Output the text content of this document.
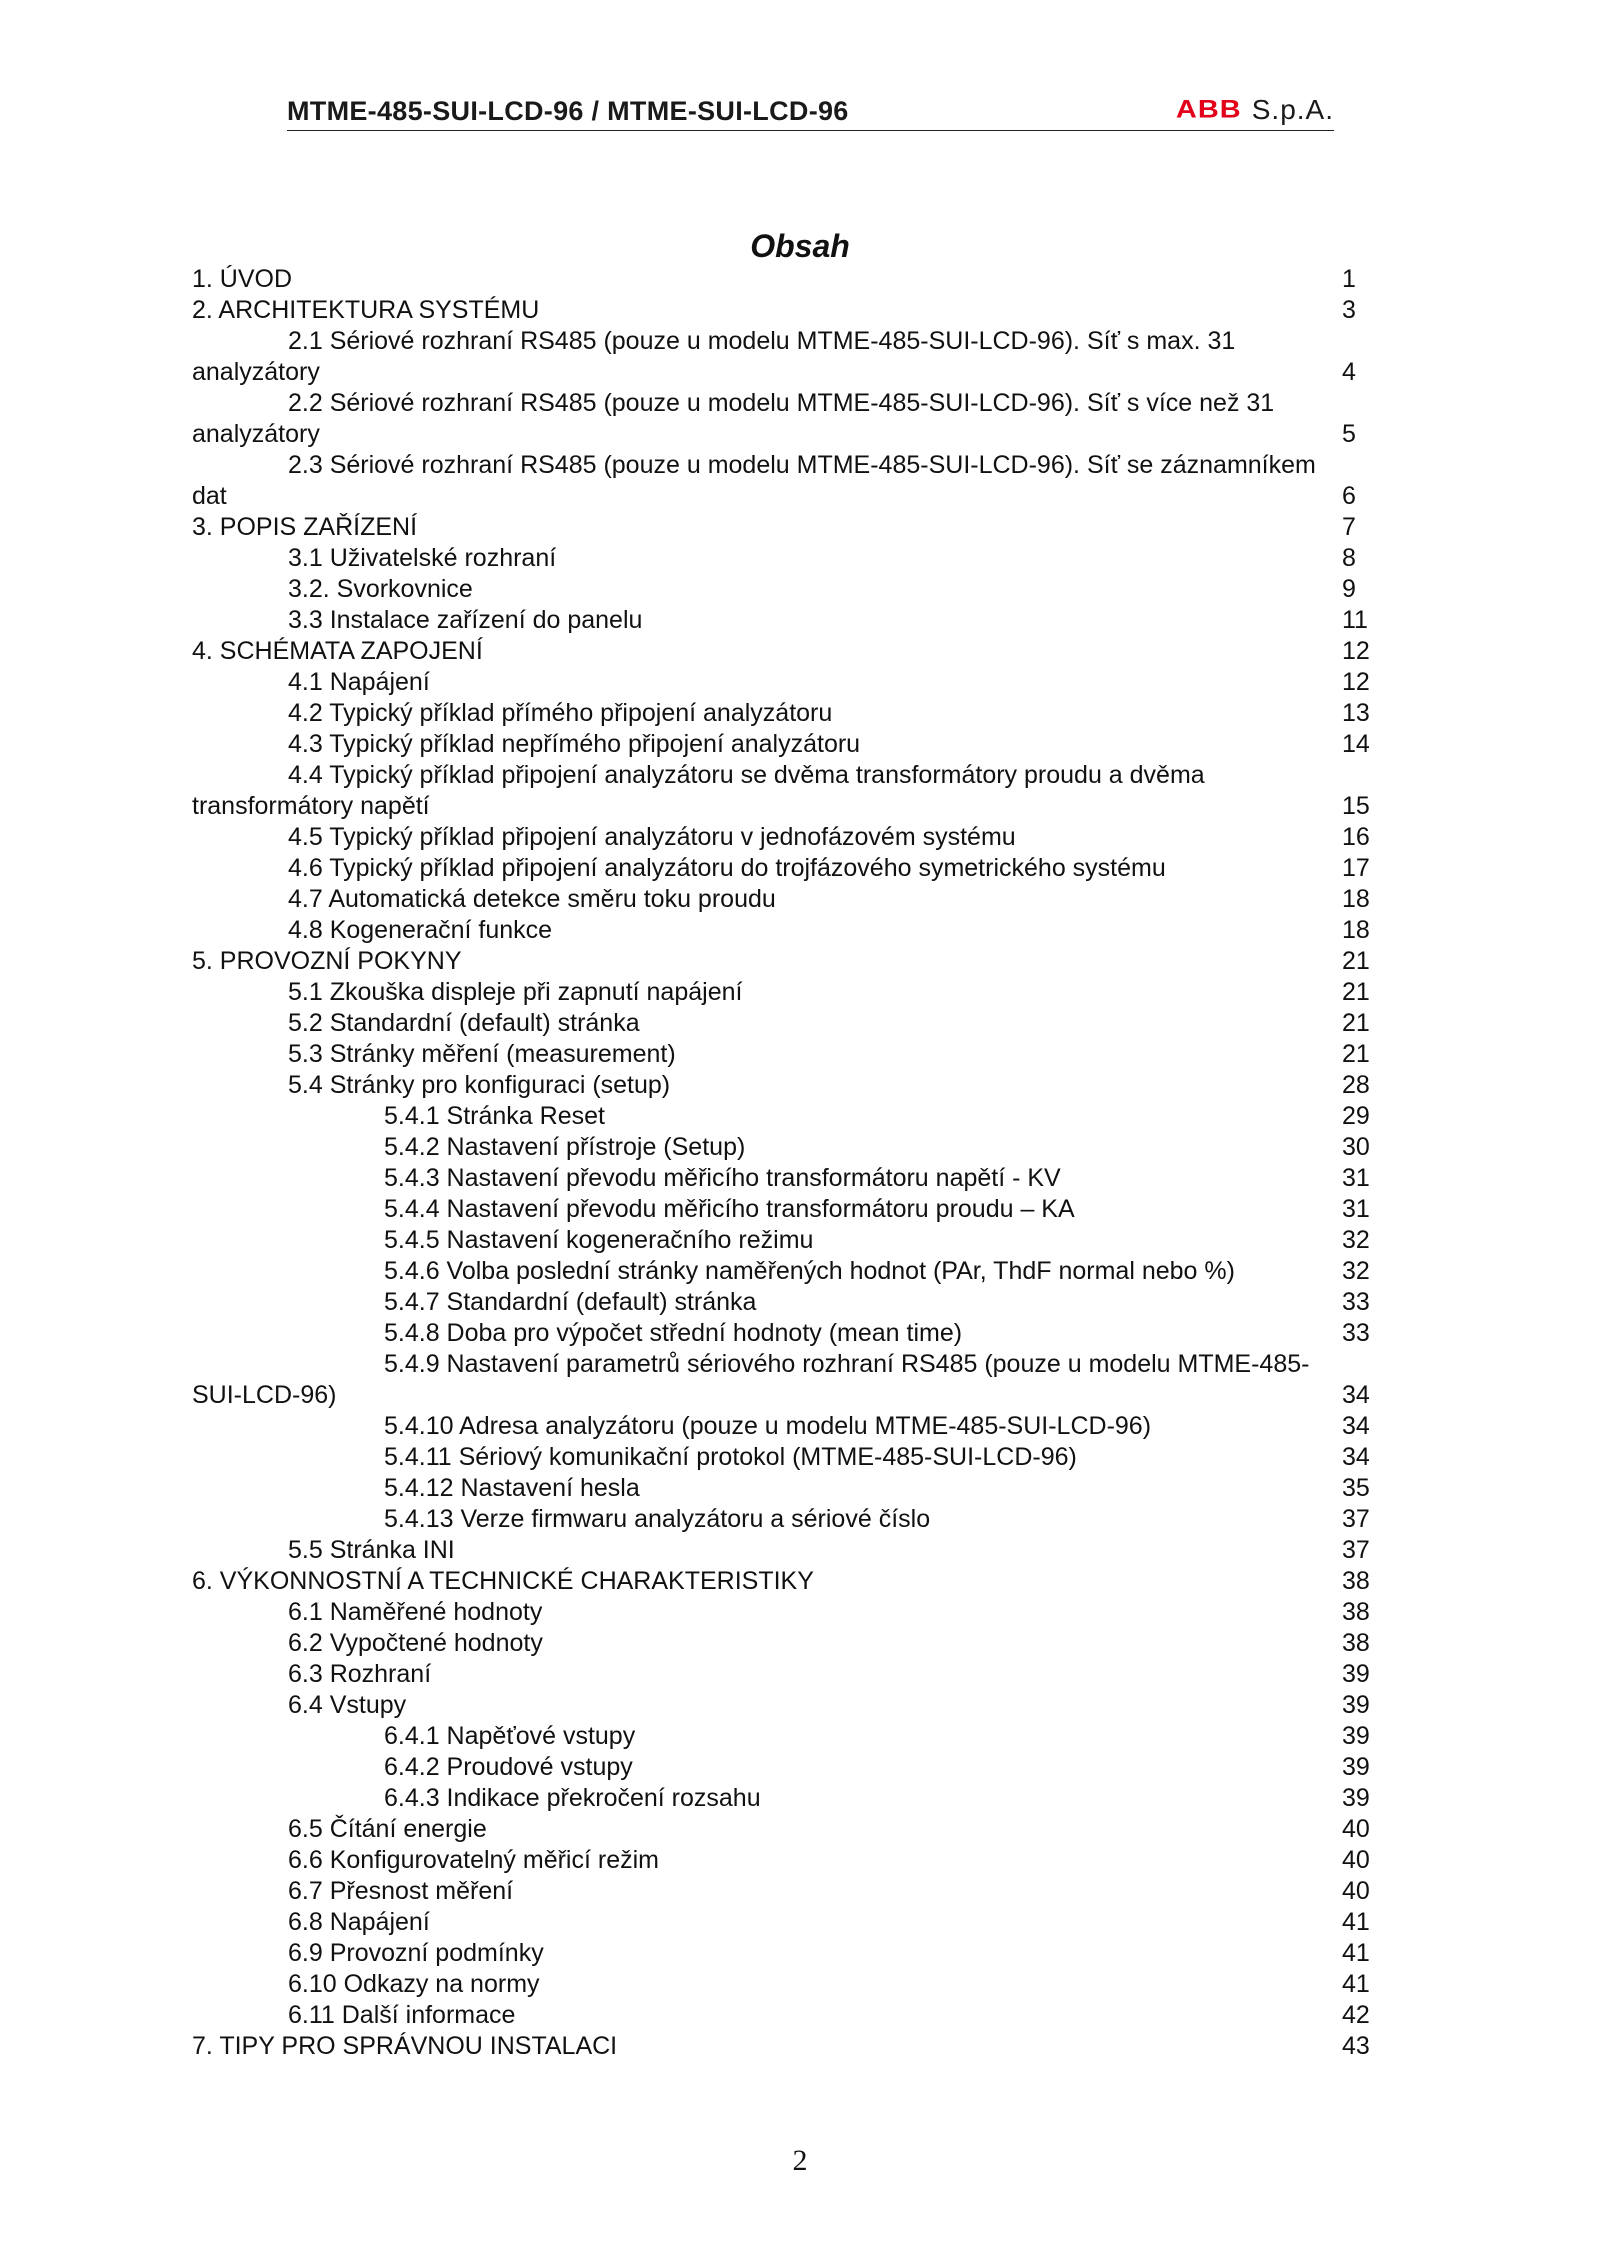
MTME-485-SUI-LCD-96 / MTME-SUI-LCD-96	ABB S.p.A.
Obsah
1. ÚVOD	1
2. ARCHITEKTURA SYSTÉMU	3
2.1 Sériové rozhraní RS485 (pouze u modelu MTME-485-SUI-LCD-96). Síť s max. 31
analyzátory	4
2.2 Sériové rozhraní RS485 (pouze u modelu MTME-485-SUI-LCD-96). Síť s více než 31
analyzátory	5
2.3 Sériové rozhraní RS485 (pouze u modelu MTME-485-SUI-LCD-96). Síť se záznamníkem
dat	6
3. POPIS ZAŘÍZENÍ	7
3.1 Uživatelské rozhraní	8
3.2. Svorkovnice	9
3.3 Instalace zařízení do panelu	11
4. SCHÉMATA ZAPOJENÍ	12
4.1 Napájení	12
4.2 Typický příklad přímého připojení analyzátoru	13
4.3 Typický příklad nepřímého připojení analyzátoru	14
4.4 Typický příklad připojení analyzátoru se dvěma transformátory proudu a dvěma
transformátory napětí	15
4.5 Typický příklad připojení analyzátoru v jednofázovém systému	16
4.6 Typický příklad připojení analyzátoru do trojfázového symetrického systému	17
4.7 Automatická detekce směru toku proudu	18
4.8 Kogenerační funkce	18
5. PROVOZNÍ POKYNY	21
5.1 Zkouška displeje při zapnutí napájení	21
5.2 Standardní (default) stránka	21
5.3 Stránky měření (measurement)	21
5.4 Stránky pro konfiguraci (setup)	28
5.4.1 Stránka Reset	29
5.4.2 Nastavení přístroje (Setup)	30
5.4.3 Nastavení převodu měřicího transformátoru napětí - KV	31
5.4.4 Nastavení převodu měřicího transformátoru proudu – KA	31
5.4.5 Nastavení kogeneračního režimu	32
5.4.6 Volba poslední stránky naměřených hodnot (PAr, ThdF normal nebo %)	32
5.4.7 Standardní (default) stránka	33
5.4.8 Doba pro výpočet střední hodnoty (mean time)	33
5.4.9 Nastavení parametrů sériového rozhraní RS485 (pouze u modelu MTME-485-
SUI-LCD-96)	34
5.4.10 Adresa analyzátoru (pouze u modelu MTME-485-SUI-LCD-96)	34
5.4.11 Sériový komunikační protokol (MTME-485-SUI-LCD-96)	34
5.4.12 Nastavení hesla	35
5.4.13 Verze firmwaru analyzátoru a sériové číslo	37
5.5 Stránka INI	37
6. VÝKONNOSTNÍ A TECHNICKÉ CHARAKTERISTIKY	38
6.1 Naměřené hodnoty	38
6.2 Vypočtené hodnoty	38
6.3 Rozhraní	39
6.4 Vstupy	39
6.4.1 Napěťové vstupy	39
6.4.2 Proudové vstupy	39
6.4.3 Indikace překročení rozsahu	39
6.5 Čítání energie	40
6.6 Konfigurovatelný měřicí režim	40
6.7 Přesnost měření	40
6.8 Napájení	41
6.9 Provozní podmínky	41
6.10 Odkazy na normy	41
6.11 Další informace	42
7. TIPY PRO SPRÁVNOU INSTALACI	43
2
